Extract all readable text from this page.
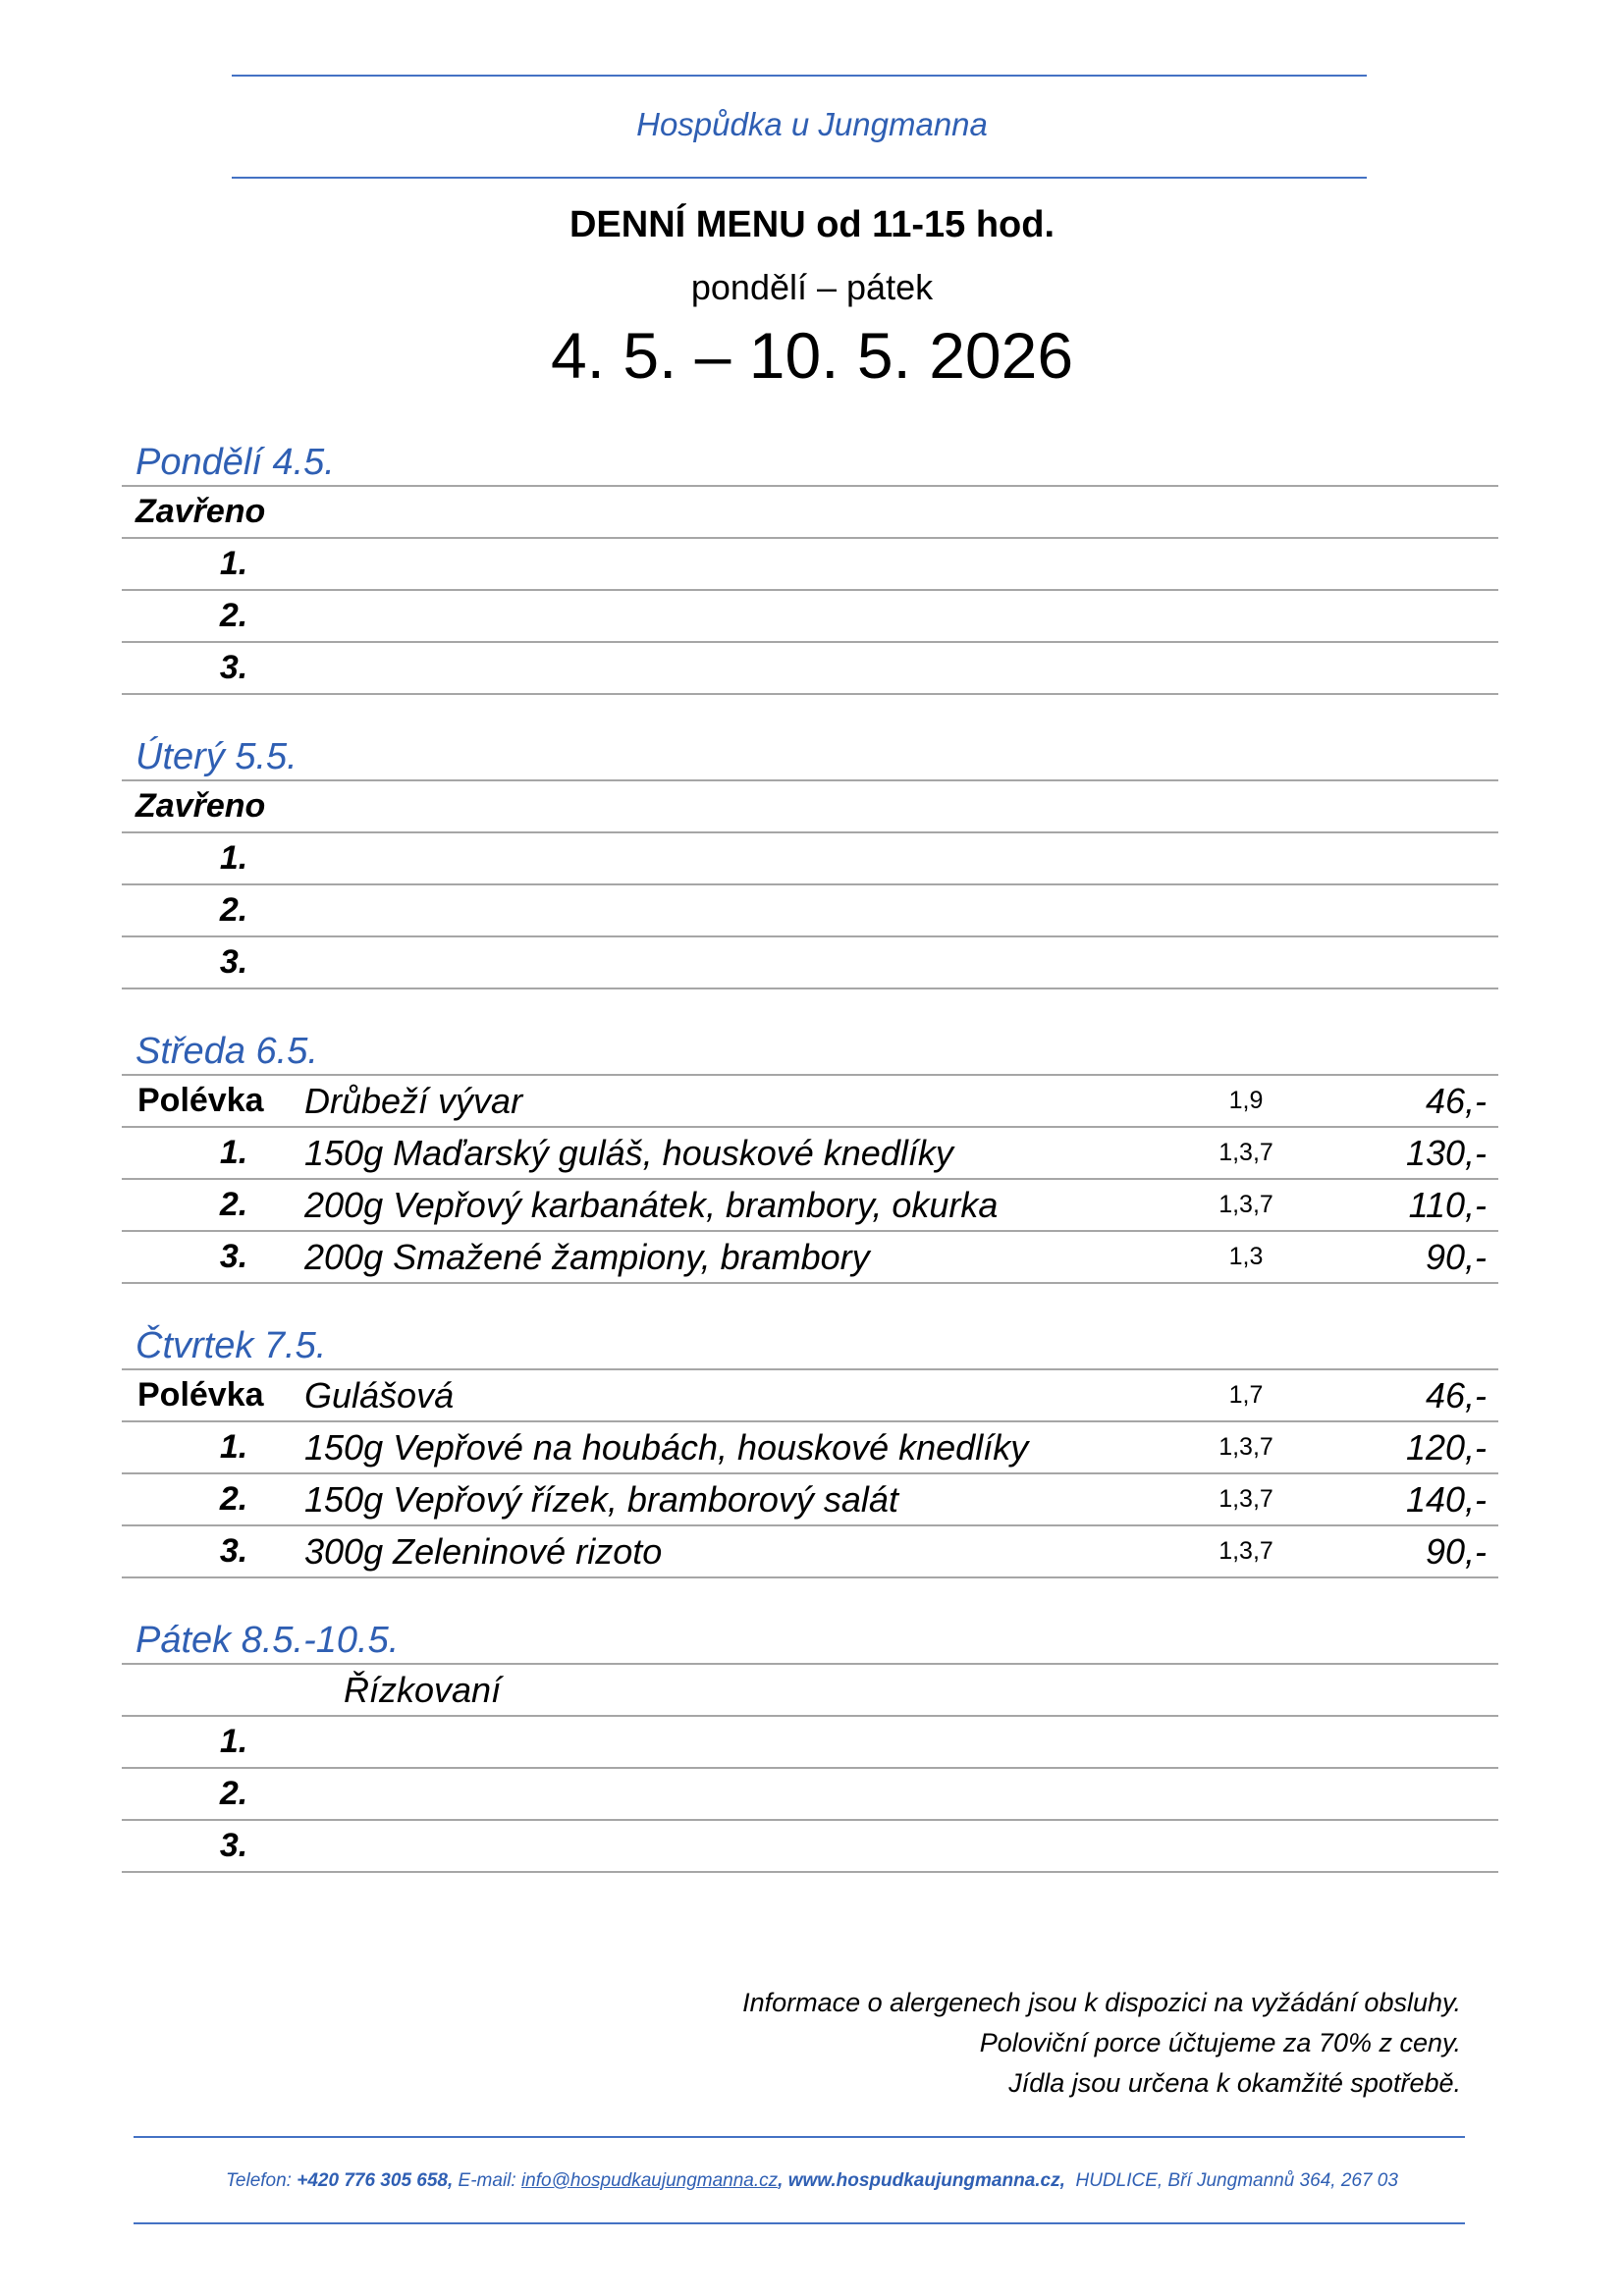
Hospůdka u Jungmanna
DENNÍ MENU od 11-15 hod.
pondělí – pátek
4. 5. – 10. 5. 2026
Pondělí 4.5.
Zavřeno
1.
2.
3.
Úterý 5.5.
Zavřeno
1.
2.
3.
Středa 6.5.
Polévka Drůbeží vývar	1,9	46,-
1.	150g Maďarský guláš, houskové knedlíky	1,3,7	130,-
2.	200g Vepřový karbanátek, brambory, okurka	1,3,7	110,-
3.	200g Smažené žampiony, brambory	1,3	90,-
Čtvrtek 7.5.
Polévka Gulášová	1,7	46,-
1.	150g Vepřové na houbách, houskové knedlíky	1,3,7	120,-
2.	150g Vepřový řízek, bramborový salát	1,3,7	140,-
3.	300g Zeleninové rizoto	1,3,7	90,-
Pátek 8.5.-10.5.
Řízkovaní
1.
2.
3.
Informace o alergenech jsou k dispozici na vyžádání obsluhy.
Poloviční porce účtujeme za 70% z ceny.
Jídla jsou určena k okamžité spotřebě.
Telefon: +420 776 305 658, E-mail: info@hospudkaujungmanna.cz, www.hospudkaujungmanna.cz, HUDLICE, Bří Jungmannů 364, 267 03
